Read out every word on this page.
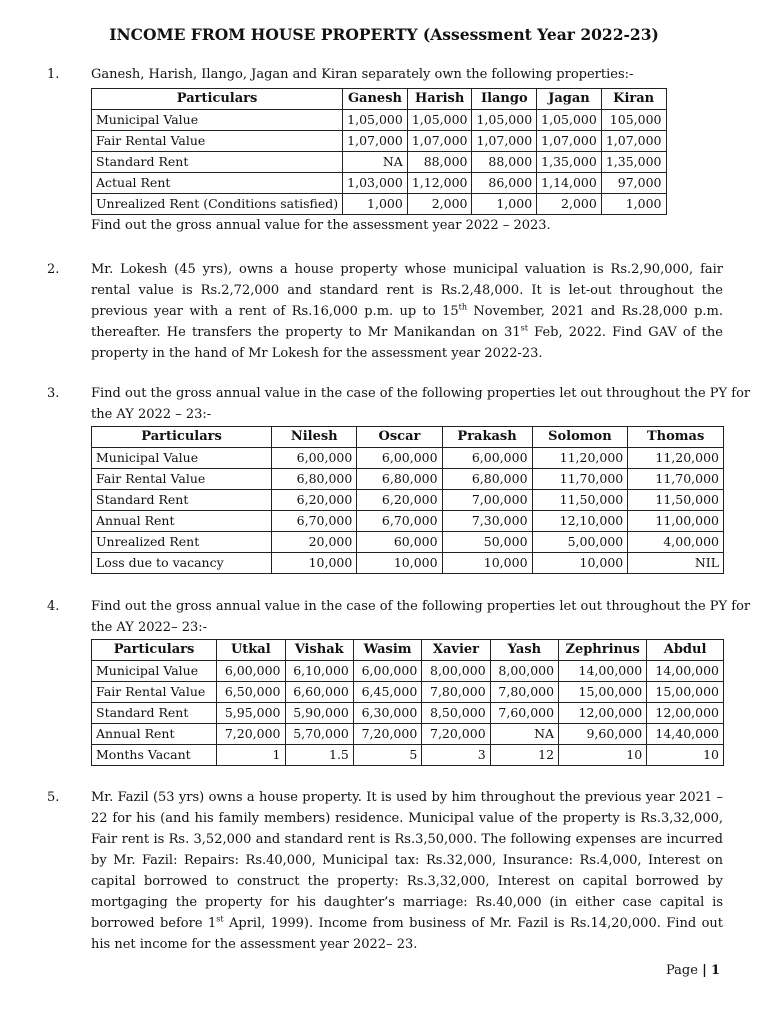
INCOME FROM HOUSE PROPERTY (Assessment Year 2022-23)
1. Ganesh, Harish, Ilango, Jagan and Kiran separately own the following properties:-

Particulars	Ganesh	Harish	Ilango	Jagan	Kiran
Municipal Value	1,05,000	1,05,000	1,05,000	1,05,000	105,000
Fair Rental Value	1,07,000	1,07,000	1,07,000	1,07,000	1,07,000
Standard Rent	NA	88,000	88,000	1,35,000	1,35,000
Actual Rent	1,03,000	1,12,000	86,000	1,14,000	97,000
Unrealized Rent (Conditions satisfied)	1,000	2,000	1,000	2,000	1,000

Find out the gross annual value for the assessment year 2022 – 2023.

2. Mr. Lokesh (45 yrs), owns a house property whose municipal valuation is Rs.2,90,000, fair rental value is Rs.2,72,000 and standard rent is Rs.2,48,000. It is let-out throughout the previous year with a rent of Rs.16,000 p.m. up to 15th November, 2021 and Rs.28,000 p.m. thereafter. He transfers the property to Mr Manikandan on 31st Feb, 2022. Find GAV of the property in the hand of Mr Lokesh for the assessment year 2022-23.

3. Find out the gross annual value in the case of the following properties let out throughout the PY for

the AY 2022 – 23:-

Particulars	Nilesh	Oscar	Prakash	Solomon	Thomas
Municipal Value	6,00,000	6,00,000	6,00,000	11,20,000	11,20,000
Fair Rental Value	6,80,000	6,80,000	6,80,000	11,70,000	11,70,000
Standard Rent	6,20,000	6,20,000	7,00,000	11,50,000	11,50,000
Annual Rent	6,70,000	6,70,000	7,30,000	12,10,000	11,00,000
Unrealized Rent	20,000	60,000	50,000	5,00,000	4,00,000
Loss due to vacancy	10,000	10,000	10,000	10,000	NIL
4. Find out the gross annual value in the case of the following properties let out throughout the PY for

the AY 2022– 23:-

Particulars	Utkal	Vishak	Wasim	Xavier	Yash	Zephrinus	Abdul
Municipal Value	6,00,000	6,10,000	6,00,000	8,00,000	8,00,000	14,00,000	14,00,000
Fair Rental Value	6,50,000	6,60,000	6,45,000	7,80,000	7,80,000	15,00,000	15,00,000
Standard Rent	5,95,000	5,90,000	6,30,000	8,50,000	7,60,000	12,00,000	12,00,000
Annual Rent	7,20,000	5,70,000	7,20,000	7,20,000	NA	9,60,000	14,40,000
Months Vacant	1	1.5	5	3	12	10	10
5. Mr. Fazil (53 yrs) owns a house property. It is used by him throughout the previous year 2021 – 22 for his (and his family members) residence. Municipal value of the property is Rs.3,32,000, Fair rent is Rs. 3,52,000 and standard rent is Rs.3,50,000. The following expenses are incurred by Mr. Fazil: Repairs: Rs.40,000, Municipal tax: Rs.32,000, Insurance: Rs.4,000, Interest on capital borrowed to construct the property: Rs.3,32,000, Interest on capital borrowed by mortgaging the property for his daughter’s marriage: Rs.40,000 (in either case capital is borrowed before 1st April, 1999). Income from business of Mr. Fazil is Rs.14,20,000. Find out his net income for the assessment year 2022– 23.

Page | 1
